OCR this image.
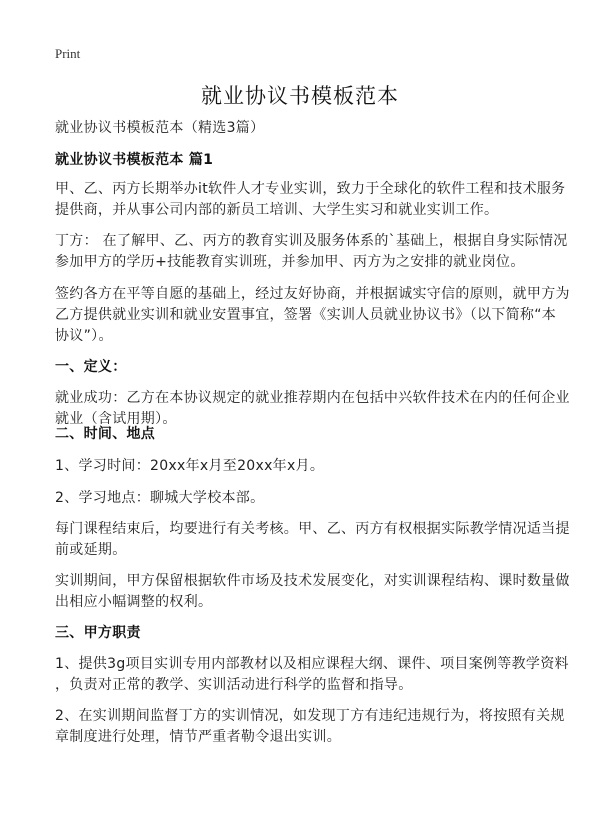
Print
就业协议书模板范本
就业协议书模板范本（精选3篇）
就业协议书模板范本 篇1
甲、乙、丙方长期举办it软件人才专业实训，致力于全球化的软件工程和技术服务
提供商，并从事公司内部的新员工培训、大学生实习和就业实训工作。
丁方： 在了解甲、乙、丙方的教育实训及服务体系的`基础上，根据自身实际情况
参加甲方的学历+技能教育实训班，并参加甲、丙方为之安排的就业岗位。
签约各方在平等自愿的基础上，经过友好协商，并根据诚实守信的原则，就甲方为
乙方提供就业实训和就业安置事宜，签署《实训人员就业协议书》（以下简称“本
协议”）。
一、定义：
就业成功：乙方在本协议规定的就业推荐期内在包括中兴软件技术在内的任何企业
就业（含试用期）。
二、时间、地点
1、学习时间：20xx年x月至20xx年x月。
2、学习地点：聊城大学校本部。
每门课程结束后，均要进行有关考核。甲、乙、丙方有权根据实际教学情况适当提
前或延期。
实训期间，甲方保留根据软件市场及技术发展变化，对实训课程结构、课时数量做
出相应小幅调整的权利。
三、甲方职责
1、提供3g项目实训专用内部教材以及相应课程大纲、课件、项目案例等教学资料
，负责对正常的教学、实训活动进行科学的监督和指导。
2、在实训期间监督丁方的实训情况，如发现丁方有违纪违规行为，将按照有关规
章制度进行处理，情节严重者勒令退出实训。
